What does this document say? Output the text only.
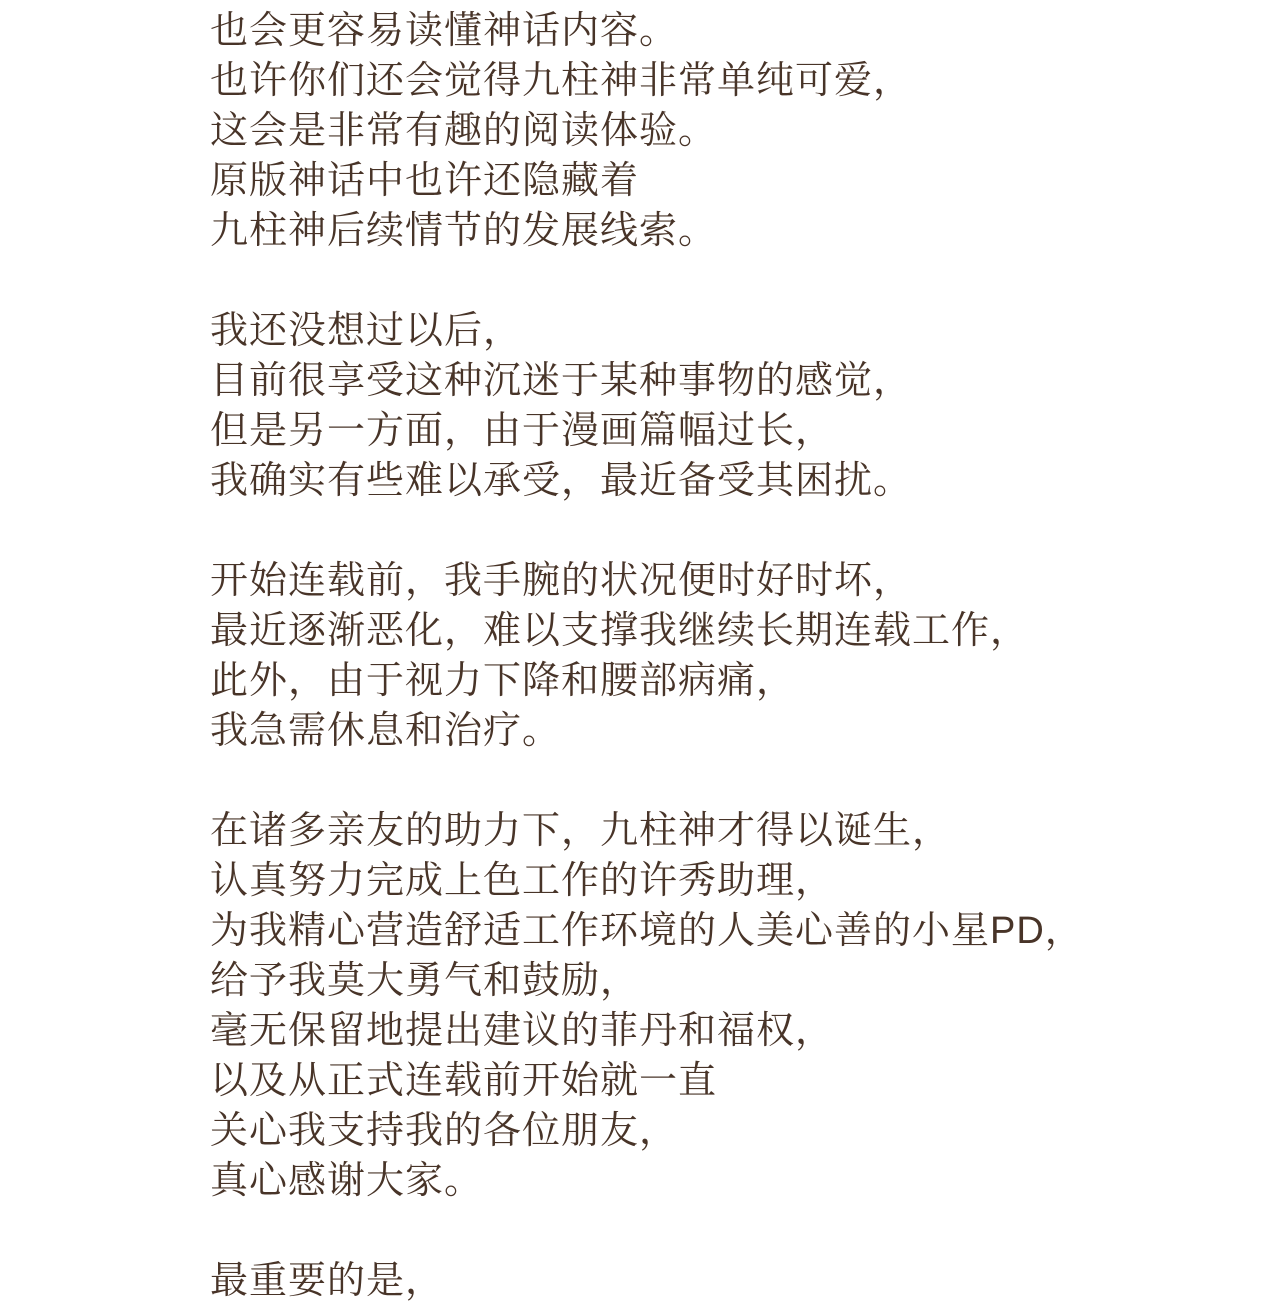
也会更容易读懂神话内容。
也许你们还会觉得九柱神非常单纯可爱，
这会是非常有趣的阅读体验。
原版神话中也许还隐藏着
九柱神后续情节的发展线索。
我还没想过以后，
目前很享受这种沉迷于某种事物的感觉，
但是另一方面，由于漫画篇幅过长，
我确实有些难以承受，最近备受其困扰。
开始连载前，我手腕的状况便时好时坏，
最近逐渐恶化，难以支撑我继续长期连载工作，
此外，由于视力下降和腰部病痛，
我急需休息和治疗。
在诸多亲友的助力下，九柱神才得以诞生，
认真努力完成上色工作的许秀助理，
为我精心营造舒适工作环境的人美心善的小星PD，
给予我莫大勇气和鼓励，
毫无保留地提出建议的菲丹和福权，
以及从正式连载前开始就一直
关心我支持我的各位朋友，
真心感谢大家。
最重要的是，
